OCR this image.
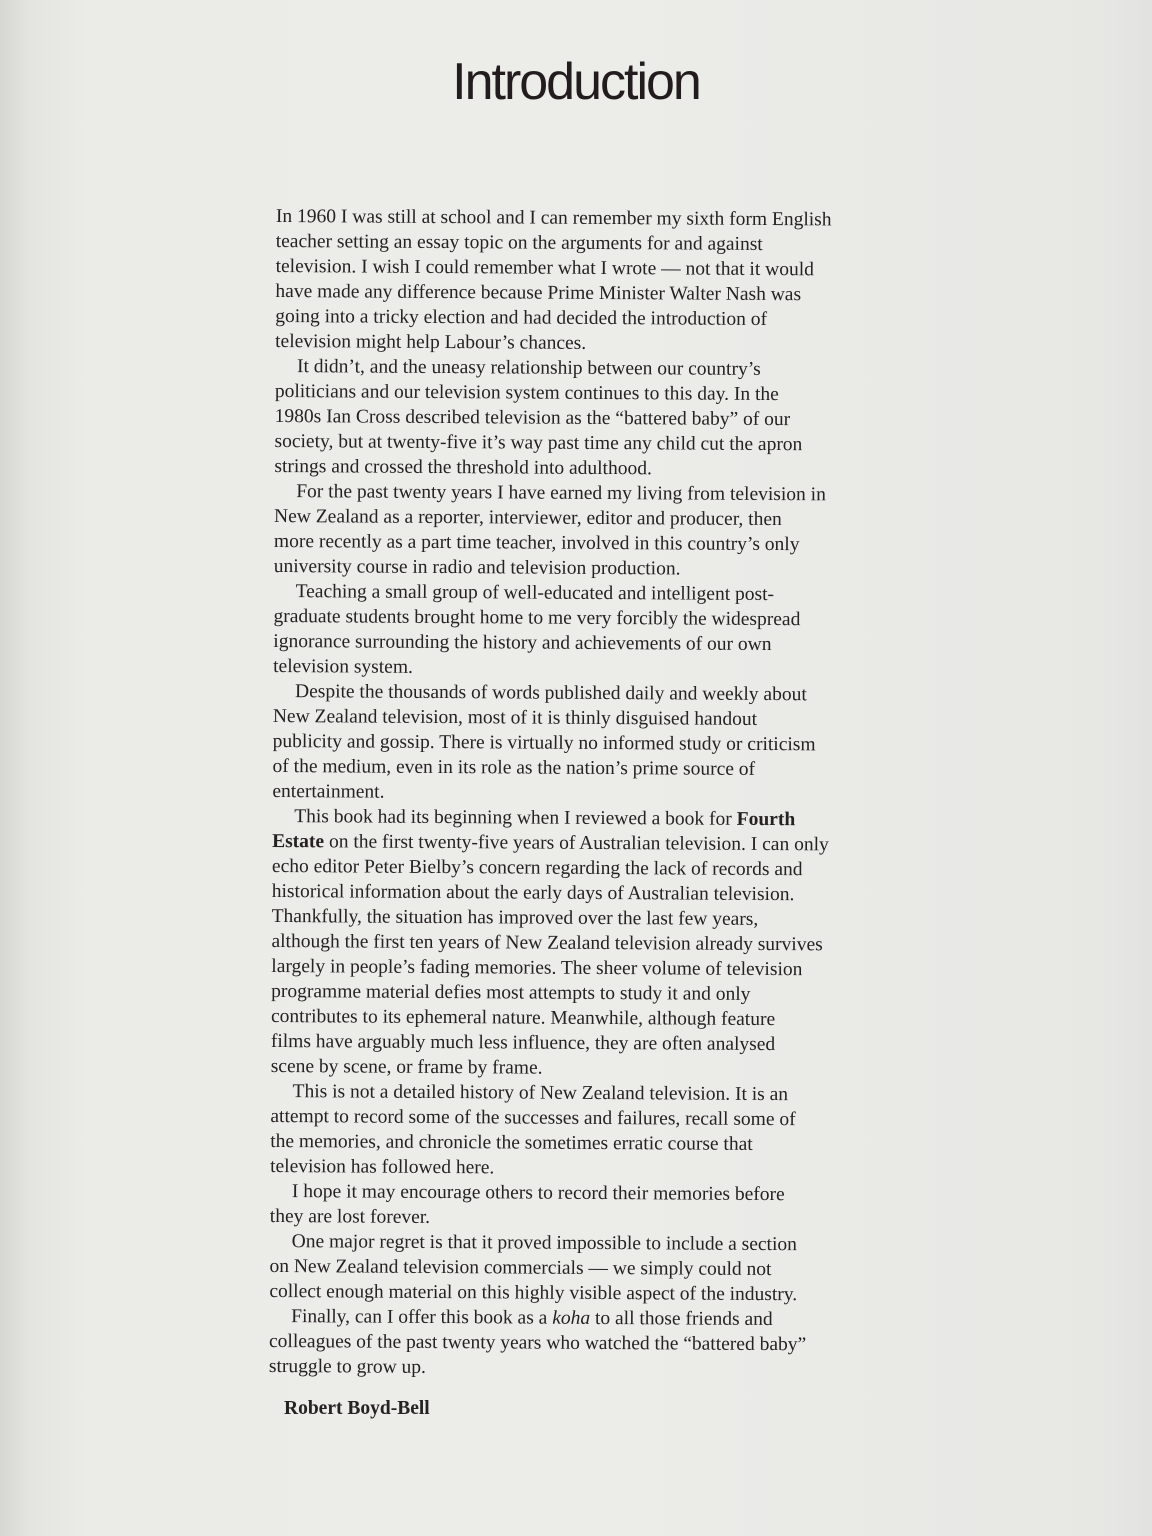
Introduction
In 1960 I was still at school and I can remember my sixth form English
teacher setting an essay topic on the arguments for and against
television. I wish I could remember what I wrote — not that it would
have made any difference because Prime Minister Walter Nash was
going into a tricky election and had decided the introduction of
television might help Labour’s chances.
It didn’t, and the uneasy relationship between our country’s
politicians and our television system continues to this day. In the
1980s Ian Cross described television as the “battered baby” of our
society, but at twenty-five it’s way past time any child cut the apron
strings and crossed the threshold into adulthood.
For the past twenty years I have earned my living from television in
New Zealand as a reporter, interviewer, editor and producer, then
more recently as a part time teacher, involved in this country’s only
university course in radio and television production.
Teaching a small group of well-educated and intelligent post-
graduate students brought home to me very forcibly the widespread
ignorance surrounding the history and achievements of our own
television system.
Despite the thousands of words published daily and weekly about
New Zealand television, most of it is thinly disguised handout
publicity and gossip. There is virtually no informed study or criticism
of the medium, even in its role as the nation’s prime source of
entertainment.
This book had its beginning when I reviewed a book for Fourth
Estate on the first twenty-five years of Australian television. I can only
echo editor Peter Bielby’s concern regarding the lack of records and
historical information about the early days of Australian television.
Thankfully, the situation has improved over the last few years,
although the first ten years of New Zealand television already survives
largely in people’s fading memories. The sheer volume of television
programme material defies most attempts to study it and only
contributes to its ephemeral nature. Meanwhile, although feature
films have arguably much less influence, they are often analysed
scene by scene, or frame by frame.
This is not a detailed history of New Zealand television. It is an
attempt to record some of the successes and failures, recall some of
the memories, and chronicle the sometimes erratic course that
television has followed here.
I hope it may encourage others to record their memories before
they are lost forever.
One major regret is that it proved impossible to include a section
on New Zealand television commercials — we simply could not
collect enough material on this highly visible aspect of the industry.
Finally, can I offer this book as a koha to all those friends and
colleagues of the past twenty years who watched the “battered baby”
struggle to grow up.

Robert Boyd-Bell
